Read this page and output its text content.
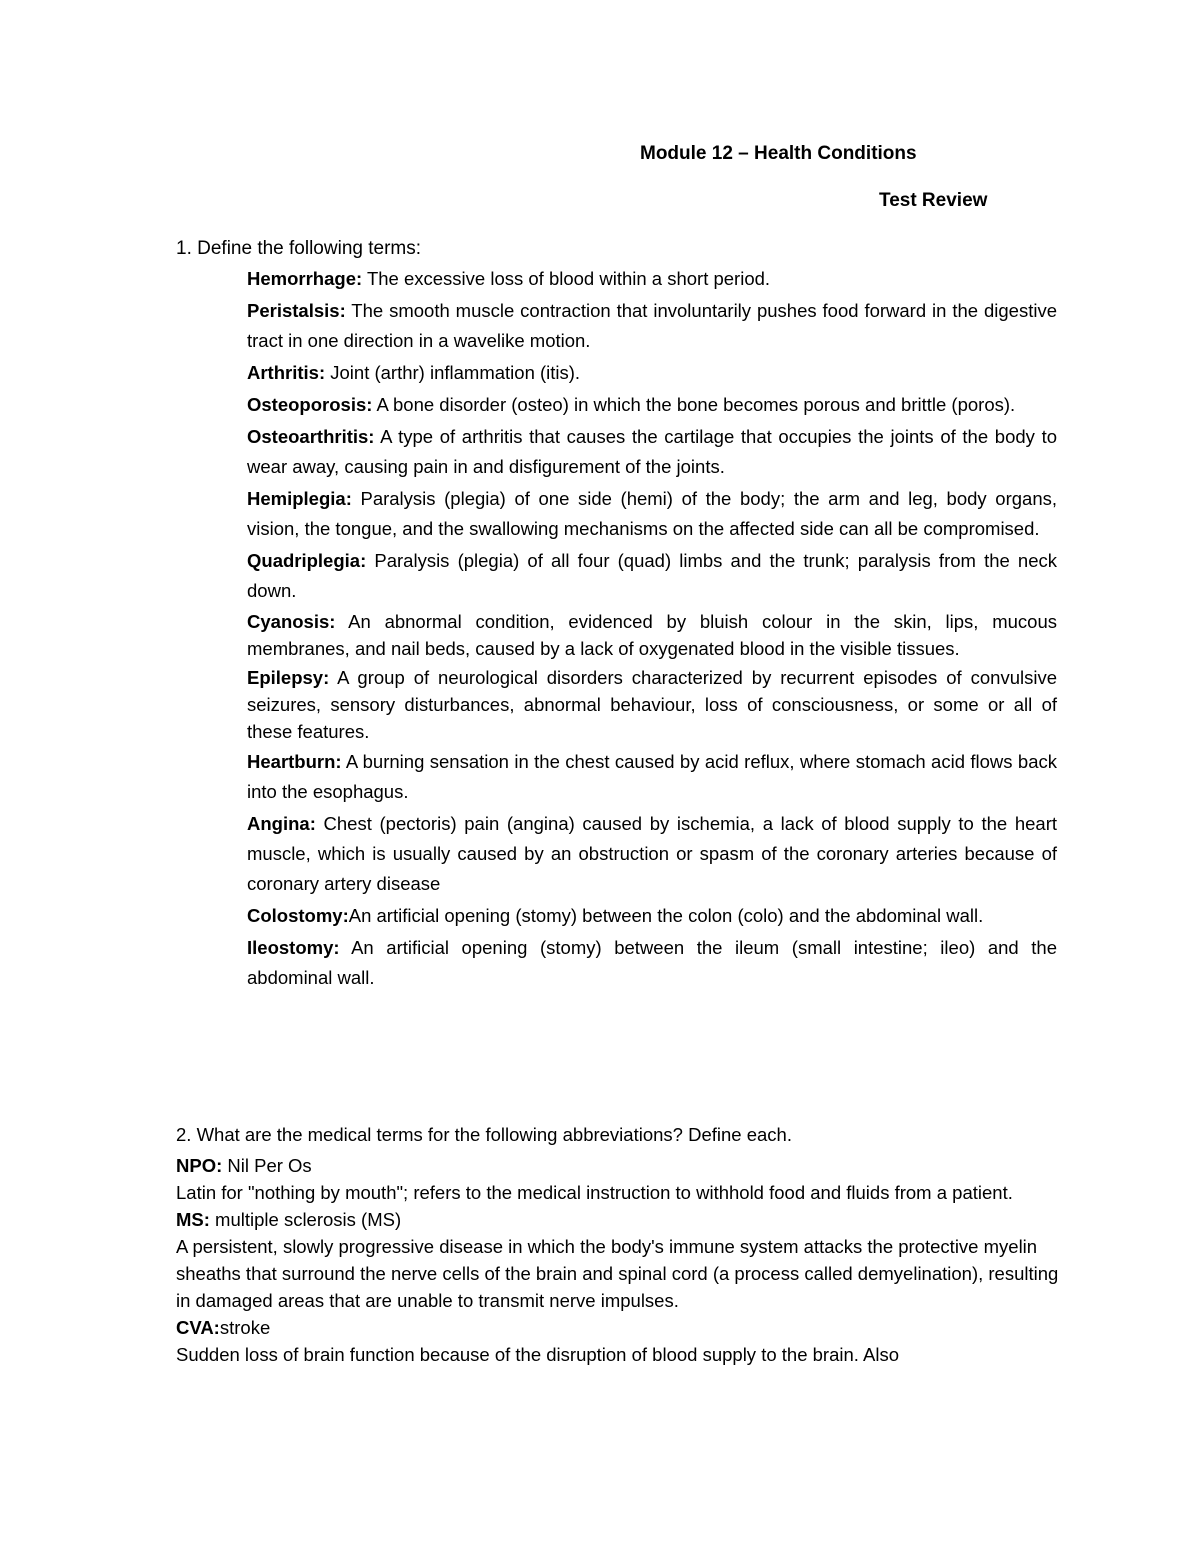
Module 12 – Health Conditions
Test Review
1. Define the following terms:
Hemorrhage: The excessive loss of blood within a short period.
Peristalsis: The smooth muscle contraction that involuntarily pushes food forward in the digestive tract in one direction in a wavelike motion.
Arthritis: Joint (arthr) inflammation (itis).
Osteoporosis: A bone disorder (osteo) in which the bone becomes porous and brittle (poros).
Osteoarthritis: A type of arthritis that causes the cartilage that occupies the joints of the body to wear away, causing pain in and disfigurement of the joints.
Hemiplegia: Paralysis (plegia) of one side (hemi) of the body; the arm and leg, body organs, vision, the tongue, and the swallowing mechanisms on the affected side can all be compromised.
Quadriplegia: Paralysis (plegia) of all four (quad) limbs and the trunk; paralysis from the neck down.
Cyanosis: An abnormal condition, evidenced by bluish colour in the skin, lips, mucous membranes, and nail beds, caused by a lack of oxygenated blood in the visible tissues.
Epilepsy: A group of neurological disorders characterized by recurrent episodes of convulsive seizures, sensory disturbances, abnormal behaviour, loss of consciousness, or some or all of these features.
Heartburn: A burning sensation in the chest caused by acid reflux, where stomach acid flows back into the esophagus.
Angina: Chest (pectoris) pain (angina) caused by ischemia, a lack of blood supply to the heart muscle, which is usually caused by an obstruction or spasm of the coronary arteries because of coronary artery disease
Colostomy:An artificial opening (stomy) between the colon (colo) and the abdominal wall.
Ileostomy: An artificial opening (stomy) between the ileum (small intestine; ileo) and the abdominal wall.

2. What are the medical terms for the following abbreviations? Define each.

NPO: Nil Per Os

Latin for "nothing by mouth"; refers to the medical instruction to withhold food and fluids from a patient.

MS: multiple sclerosis (MS)

A persistent, slowly progressive disease in which the body's immune system attacks the protective myelin sheaths that surround the nerve cells of the brain and spinal cord (a process called demyelination), resulting in damaged areas that are unable to transmit nerve impulses.

CVA:stroke

Sudden loss of brain function because of the disruption of blood supply to the brain. Also
